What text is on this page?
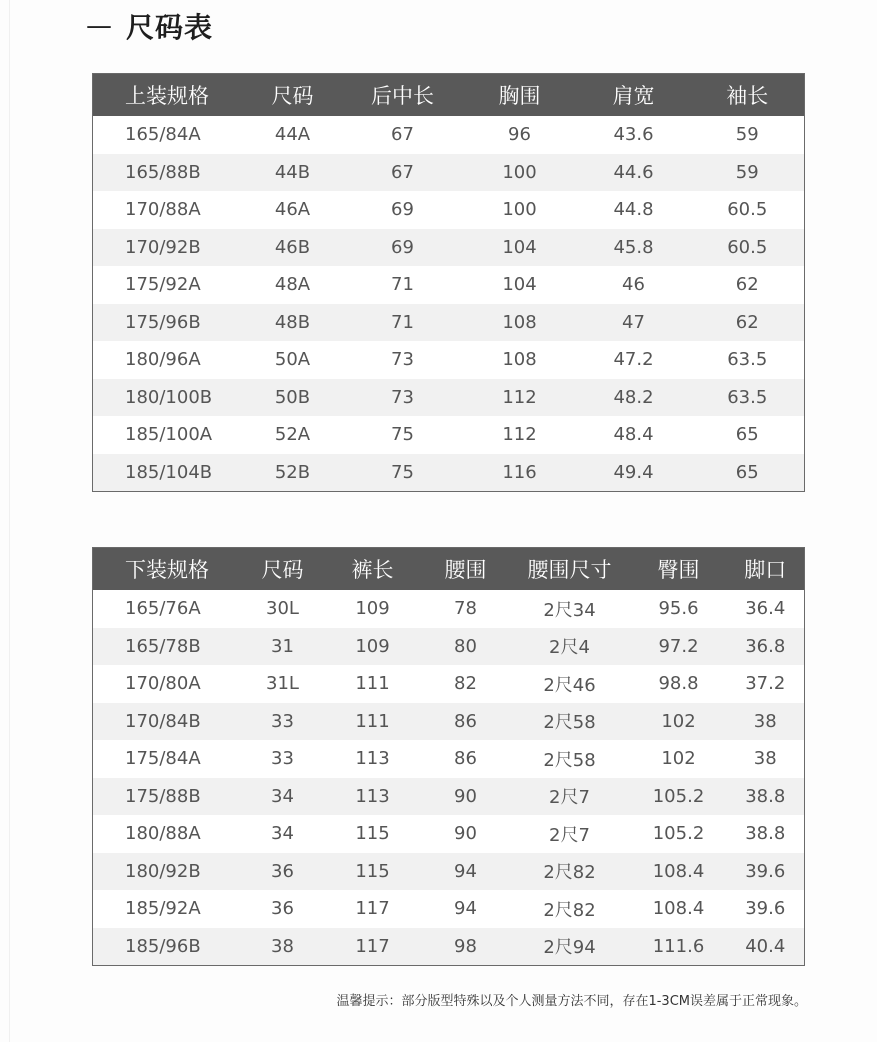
— 尺码表
上装规格	尺码	后中长	胸围	肩宽	袖长
165/84A	44A	67	96	43.6	59
165/88B	44B	67	100	44.6	59
170/88A	46A	69	100	44.8	60.5
170/92B	46B	69	104	45.8	60.5
175/92A	48A	71	104	46	62
175/96B	48B	71	108	47	62
180/96A	50A	73	108	47.2	63.5
180/100B	50B	73	112	48.2	63.5
185/100A	52A	75	112	48.4	65
185/104B	52B	75	116	49.4	65
下装规格	尺码	裤长	腰围	腰围尺寸	臀围	脚口
165/76A	30L	109	78	2尺34	95.6	36.4
165/78B	31	109	80	2尺4	97.2	36.8
170/80A	31L	111	82	2尺46	98.8	37.2
170/84B	33	111	86	2尺58	102	38
175/84A	33	113	86	2尺58	102	38
175/88B	34	113	90	2尺7	105.2	38.8
180/88A	34	115	90	2尺7	105.2	38.8
180/92B	36	115	94	2尺82	108.4	39.6
185/92A	36	117	94	2尺82	108.4	39.6
185/96B	38	117	98	2尺94	111.6	40.4
温馨提示：部分版型特殊以及个人测量方法不同，存在1-3CM误差属于正常现象。
